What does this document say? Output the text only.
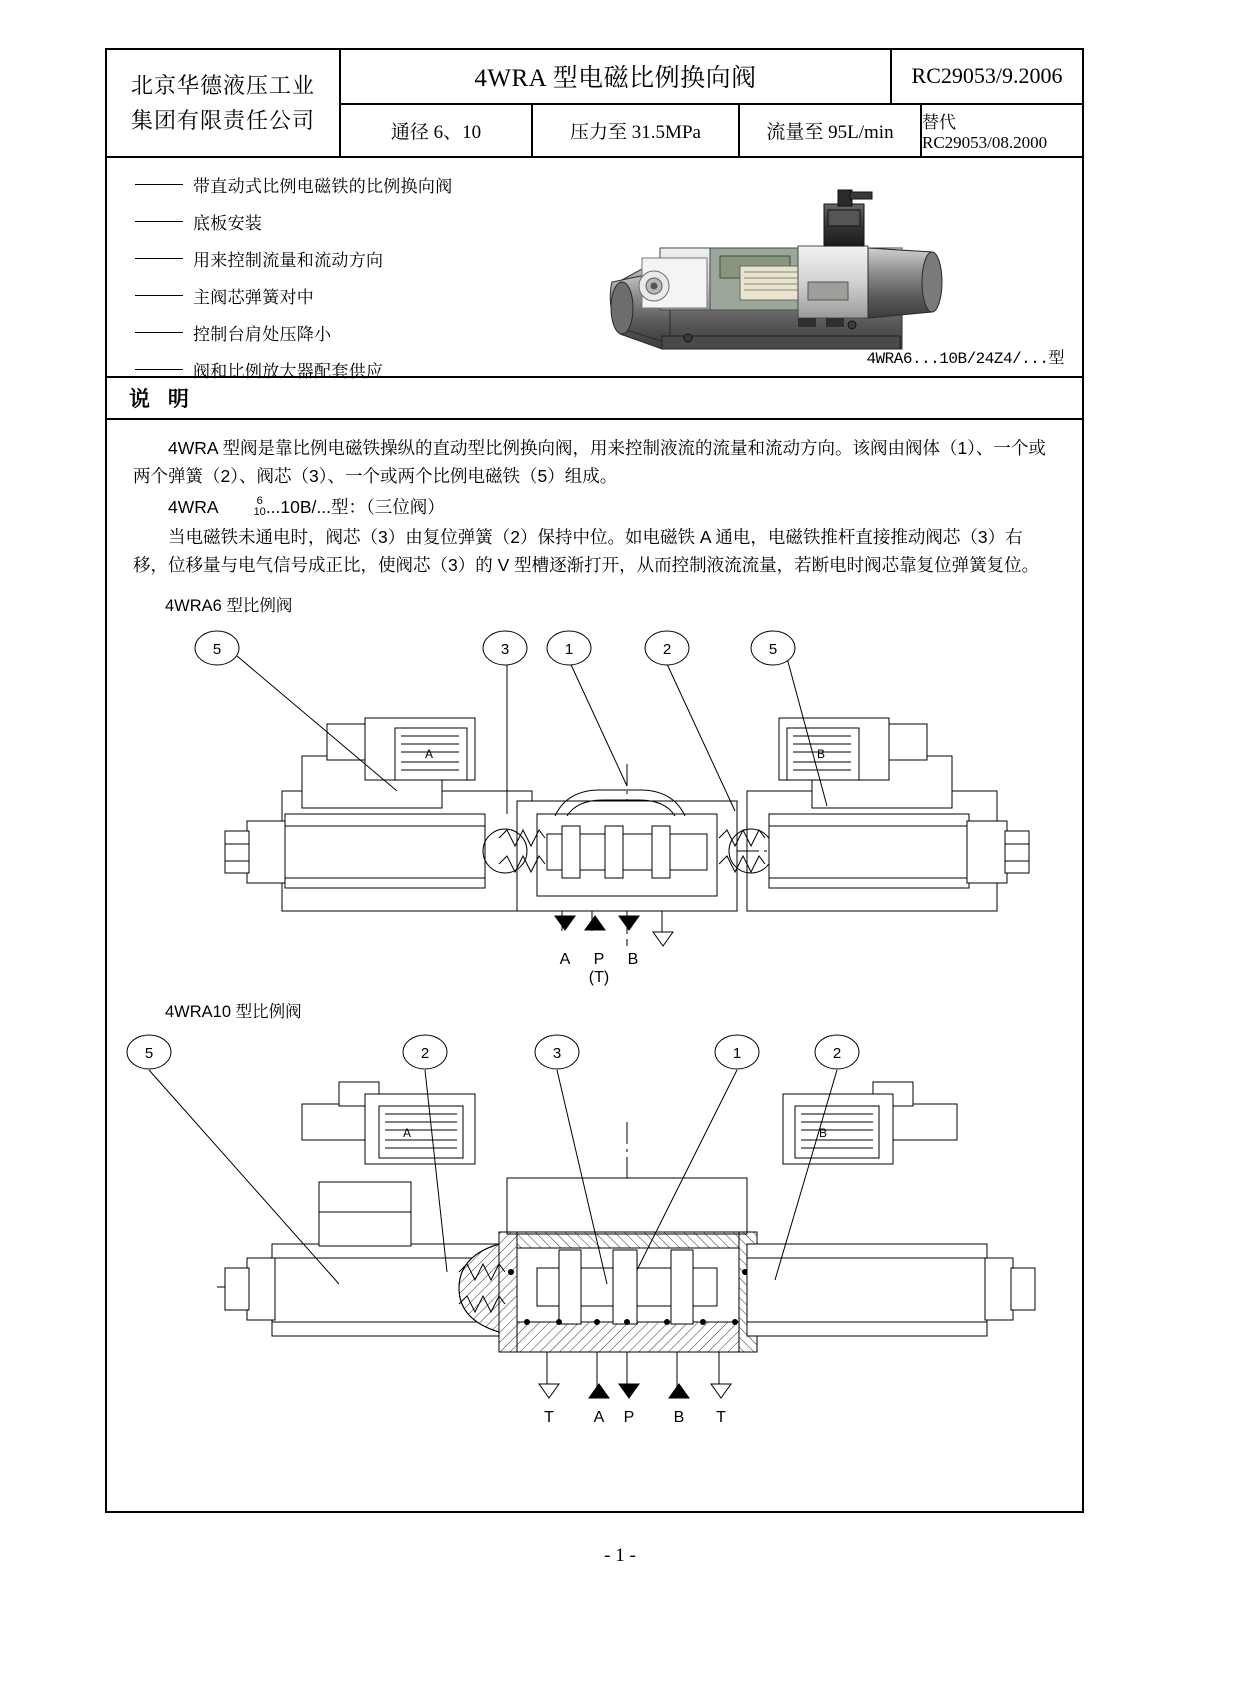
北京华德液压工业
集团有限责任公司
4WRA 型电磁比例换向阀	RC29053/9.2006
通径 6、10	压力至 31.5MPa	流量至 95L/min	替代 RC29053/08.2000
带直动式比例电磁铁的比例换向阀
底板安装
用来控制流量和流动方向
主阀芯弹簧对中
控制台肩处压降小
阀和比例放大器配套供应
4WRA6...10B/24Z4/...型
说 明

4WRA 型阀是靠比例电磁铁操纵的直动型比例换向阀，用来控制液流的流量和流动方向。该阀由阀体（1）、一个或两个弹簧（2）、阀芯（3）、一个或两个比例电磁铁（5）组成。

4WRA	6
10 ...10B/...型：（三位阀）

当电磁铁未通电时，阀芯（3）由复位弹簧（2）保持中位。如电磁铁 A 通电，电磁铁推杆直接推动阀芯（3）右移，位移量与电气信号成正比，使阀芯（3）的 V 型槽逐渐打开，从而控制液流流量，若断电时阀芯靠复位弹簧复位。

4WRA6 型比例阀
A	B
5	3	1	2	5
A P B
(T)
4WRA10 型比例阀
A	B
5	2	3	1	2
T A P B T
- 1 -
